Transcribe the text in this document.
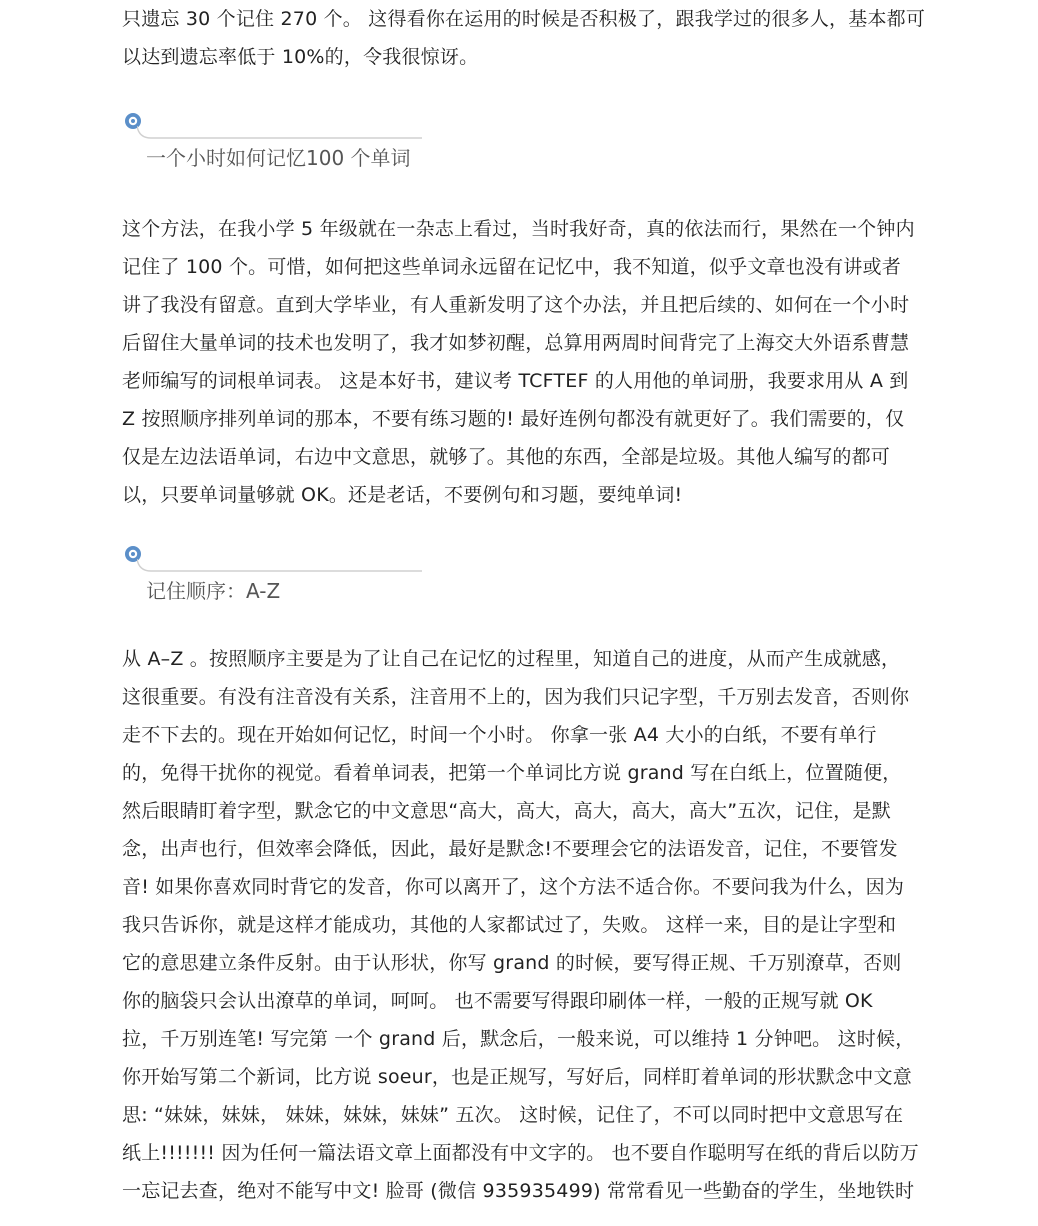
只遗忘 30 个记住 270 个。 这得看你在运用的时候是否积极了，跟我学过的很多人，基本都可
以达到遗忘率低于 10%的，令我很惊讶。

一个小时如何记忆100 个单词

这个方法，在我小学 5 年级就在一杂志上看过，当时我好奇，真的依法而行，果然在一个钟内
记住了 100 个。可惜，如何把这些单词永远留在记忆中，我不知道，似乎文章也没有讲或者
讲了我没有留意。直到大学毕业，有人重新发明了这个办法，并且把后续的、如何在一个小时
后留住大量单词的技术也发明了，我才如梦初醒，总算用两周时间背完了上海交大外语系曹慧
老师编写的词根单词表。 这是本好书，建议考 TCFTEF 的人用他的单词册，我要求用从 A 到
Z 按照顺序排列单词的那本，不要有练习题的! 最好连例句都没有就更好了。我们需要的，仅
仅是左边法语单词，右边中文意思，就够了。其他的东西，全部是垃圾。其他人编写的都可
以，只要单词量够就 OK。还是老话，不要例句和习题，要纯单词!

记住顺序：A-Z

从 A–Z 。按照顺序主要是为了让自己在记忆的过程里，知道自己的进度，从而产生成就感，
这很重要。有没有注音没有关系，注音用不上的，因为我们只记字型，千万别去发音，否则你
走不下去的。现在开始如何记忆，时间一个小时。 你拿一张 A4 大小的白纸，不要有单行
的，免得干扰你的视觉。看着单词表，把第一个单词比方说 grand 写在白纸上，位置随便，
然后眼睛盯着字型，默念它的中文意思“高大，高大，高大，高大，高大”五次，记住，是默
念，出声也行，但效率会降低，因此，最好是默念!不要理会它的法语发音，记住，不要管发
音! 如果你喜欢同时背它的发音，你可以离开了，这个方法不适合你。不要问我为什么，因为
我只告诉你，就是这样才能成功，其他的人家都试过了，失败。 这样一来，目的是让字型和
它的意思建立条件反射。由于认形状，你写 grand 的时候，要写得正规、千万别潦草，否则
你的脑袋只会认出潦草的单词，呵呵。 也不需要写得跟印刷体一样，一般的正规写就 OK
拉，千万别连笔! 写完第 一个 grand 后，默念后，一般来说，可以维持 1 分钟吧。 这时候，
你开始写第二个新词，比方说 soeur，也是正规写，写好后，同样盯着单词的形状默念中文意
思: “妹妹，妹妹， 妹妹，妹妹，妹妹” 五次。 这时候，记住了，不可以同时把中文意思写在
纸上!!!!!!! 因为任何一篇法语文章上面都没有中文字的。 也不要自作聪明写在纸的背后以防万
一忘记去查，绝对不能写中文! 脸哥 (微信 935935499) 常常看见一些勤奋的学生，坐地铁时
